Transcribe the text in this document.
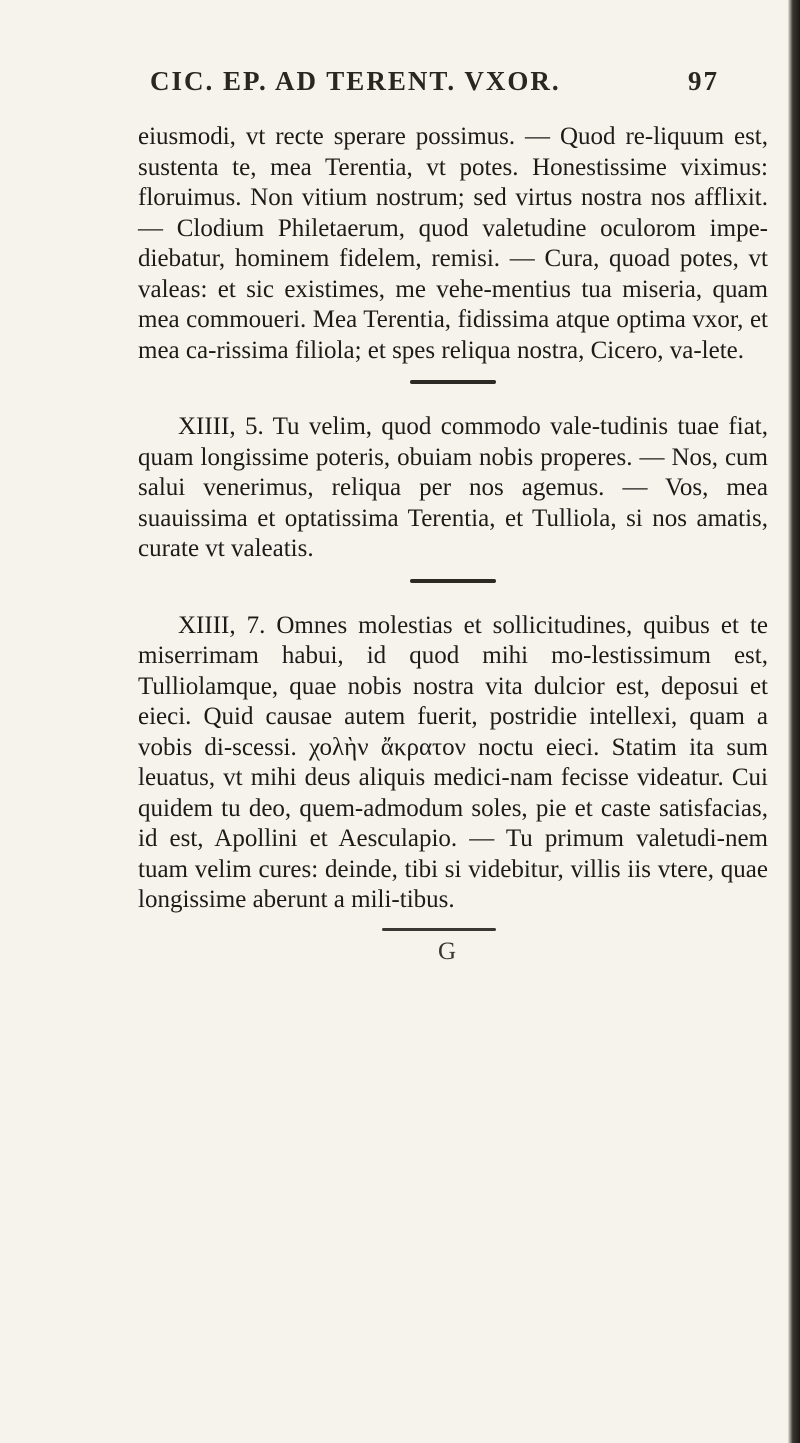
CIC. EP. AD TERENT. VXOR.	97

eiusmodi, vt recte sperare possimus. — Quod re-liquum est, sustenta te, mea Terentia, vt potes. Honestissime viximus: floruimus. Non vitium nostrum; sed virtus nostra nos afflixit. — Clodium Philetaerum, quod valetudine oculorom impe-diebatur, hominem fidelem, remisi. — Cura, quoad potes, vt valeas: et sic existimes, me vehe-mentius tua miseria, quam mea commoueri. Mea Terentia, fidissima atque optima vxor, et mea ca-rissima filiola; et spes reliqua nostra, Cicero, va-lete.

XIIII, 5. Tu velim, quod commodo vale-tudinis tuae fiat, quam longissime poteris, obuiam nobis properes. — Nos, cum salui venerimus, reliqua per nos agemus. — Vos, mea suauissima et optatissima Terentia, et Tulliola, si nos amatis, curate vt valeatis.

XIIII, 7. Omnes molestias et sollicitudines, quibus et te miserrimam habui, id quod mihi mo-lestissimum est, Tulliolamque, quae nobis nostra vita dulcior est, deposui et eieci. Quid causae autem fuerit, postridie intellexi, quam a vobis di-scessi. χολὴν ἄκρατον noctu eieci. Statim ita sum leuatus, vt mihi deus aliquis medici-nam fecisse videatur. Cui quidem tu deo, quem-admodum soles, pie et caste satisfacias, id est, Apollini et Aesculapio. — Tu primum valetudi-nem tuam velim cures: deinde, tibi si videbitur, villis iis vtere, quae longissime aberunt a mili-tibus.

G
